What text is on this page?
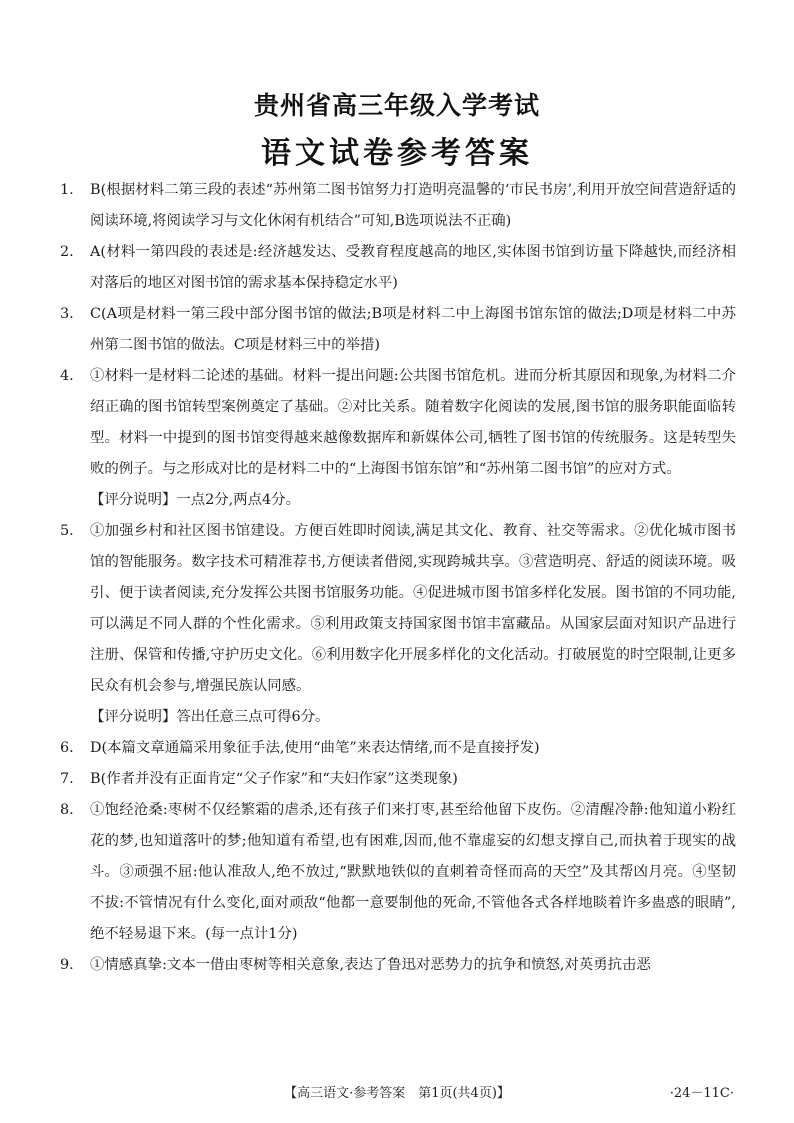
贵州省高三年级入学考试
语文试卷参考答案
1. B(根据材料二第三段的表述“苏州第二图书馆努力打造明亮温馨的‘市民书房’,利用开放空间营造舒适的阅读环境,将阅读学习与文化休闲有机结合”可知,B选项说法不正确)
2. A(材料一第四段的表述是:经济越发达、受教育程度越高的地区,实体图书馆到访量下降越快,而经济相对落后的地区对图书馆的需求基本保持稳定水平)
3. C(A项是材料一第三段中部分图书馆的做法;B项是材料二中上海图书馆东馆的做法;D项是材料二中苏州第二图书馆的做法。C项是材料三中的举措)
4. ①材料一是材料二论述的基础。材料一提出问题:公共图书馆危机。进而分析其原因和现象,为材料二介绍正确的图书馆转型案例奠定了基础。②对比关系。随着数字化阅读的发展,图书馆的服务职能面临转型。材料一中提到的图书馆变得越来越像数据库和新媒体公司,牺牲了图书馆的传统服务。这是转型失败的例子。与之形成对比的是材料二中的“上海图书馆东馆”和“苏州第二图书馆”的应对方式。
【评分说明】一点2分,两点4分。
5. ①加强乡村和社区图书馆建设。方便百姓即时阅读,满足其文化、教育、社交等需求。②优化城市图书馆的智能服务。数字技术可精准荐书,方便读者借阅,实现跨城共享。③营造明亮、舒适的阅读环境。吸引、便于读者阅读,充分发挥公共图书馆服务功能。④促进城市图书馆多样化发展。图书馆的不同功能,可以满足不同人群的个性化需求。⑤利用政策支持国家图书馆丰富藏品。从国家层面对知识产品进行注册、保管和传播,守护历史文化。⑥利用数字化开展多样化的文化活动。打破展览的时空限制,让更多民众有机会参与,增强民族认同感。
【评分说明】答出任意三点可得6分。
6. D(本篇文章通篇采用象征手法,使用“曲笔”来表达情绪,而不是直接抒发)
7. B(作者并没有正面肯定“父子作家”和“夫妇作家”这类现象)
8. ①饱经沧桑:枣树不仅经繁霜的虐杀,还有孩子们来打枣,甚至给他留下皮伤。②清醒冷静:他知道小粉红花的梦,也知道落叶的梦;他知道有希望,也有困难,因而,他不靠虚妄的幻想支撑自己,而执着于现实的战斗。③顽强不屈:他认准敌人,绝不放过,“默默地铁似的直刺着奇怪而高的天空”及其帮凶月亮。④坚韧不拔:不管情况有什么变化,面对顽敌“他都一意要制他的死命,不管他各式各样地睒着许多蛊惑的眼睛”,绝不轻易退下来。(每一点计1分)
9. ①情感真挚:文本一借由枣树等相关意象,表达了鲁迅对恶势力的抗争和愤怒,对英勇抗击恶
【高三语文·参考答案　第1页(共4页)】	·24－11C·
